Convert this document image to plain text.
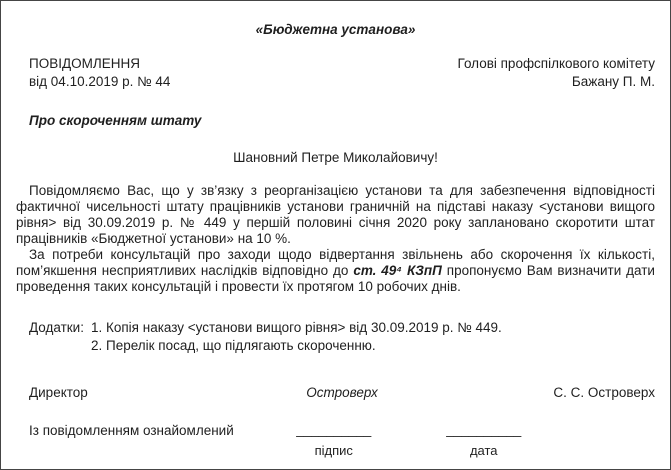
«Бюджетна установа»
ПОВІДОМЛЕННЯ
від 04.10.2019 р. № 44
Голові профспілкового комітету
Бажану П. М.
Про скороченням штату
Шановний Петре Миколайовичу!

Повідомляємо Вас, що у зв’язку з реорганізацією установи та для забезпечення відповідності фактичної чисельності штату працівників установи граничній на підставі наказу <установи вищого рівня> від 30.09.2019 р. № 449 у першій половині січня 2020 року заплановано скоротити штат працівників «Бюджетної установи» на 10 %.

За потреби консультацій про заходи щодо відвертання звільнень або скорочення їх кількості, пом’якшення несприятливих наслідків відповідно до ст. 49⁴ КЗпП пропонуємо Вам визначити дати проведення таких консультацій і провести їх протягом 10 робочих днів.

Додатки: 1. Копія наказу <установи вищого рівня> від 30.09.2019 р. № 449.
2. Перелік посад, що підлягають скороченню.
Директор	Островерх	С. С. Островерх
Із повідомленням ознайомлений	__________
підпис
__________
дата
